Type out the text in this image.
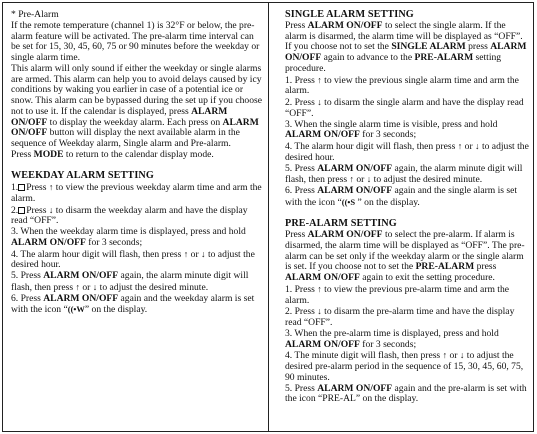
* Pre-Alarm

If the remote temperature (channel 1) is 32°F or below, the pre-alarm feature will be activated. The pre-alarm time interval can be set for 15, 30, 45, 60, 75 or 90 minutes before the weekday or single alarm time.

This alarm will only sound if either the weekday or single alarms are armed. This alarm can help you to avoid delays caused by icy conditions by waking you earlier in case of a potential ice or snow. This alarm can be bypassed during the set up if you choose not to use it. If the calendar is displayed, press ALARM ON/OFF to display the weekday alarm. Each press on ALARM ON/OFF button will display the next available alarm in the sequence of Weekday alarm, Single alarm and Pre-alarm.

Press MODE to return to the calendar display mode.

WEEKDAY ALARM SETTING

1. Press ↑ to view the previous weekday alarm time and arm the alarm.

2. Press ↓ to disarm the weekday alarm and have the display read “OFF”.

3. When the weekday alarm time is displayed, press and hold ALARM ON/OFF for 3 seconds;

4. The alarm hour digit will flash, then press ↑ or ↓ to adjust the desired hour.

5. Press ALARM ON/OFF again, the alarm minute digit will flash, then press ↑ or ↓ to adjust the desired minute.

6. Press ALARM ON/OFF again and the weekday alarm is set with the icon “((•W” on the display.

SINGLE ALARM SETTING

Press ALARM ON/OFF to select the single alarm. If the alarm is disarmed, the alarm time will be displayed as “OFF”. If you choose not to set the SINGLE ALARM press ALARM ON/OFF again to advance to the PRE-ALARM setting procedure.

1. Press ↑ to view the previous single alarm time and arm the alarm.

2. Press ↓ to disarm the single alarm and have the display read “OFF”.

3. When the single alarm time is visible, press and hold ALARM ON/OFF for 3 seconds;

4. The alarm hour digit will flash, then press ↑ or ↓ to adjust the desired hour.

5. Press ALARM ON/OFF again, the alarm minute digit will flash, then press ↑ or ↓ to adjust the desired minute.

6. Press ALARM ON/OFF again and the single alarm is set with the icon “((•S ” on the display.

PRE-ALARM SETTING

Press ALARM ON/OFF to select the pre-alarm. If alarm is disarmed, the alarm time will be displayed as “OFF”. The pre-alarm can be set only if the weekday alarm or the single alarm is set. If you choose not to set the PRE-ALARM press ALARM ON/OFF again to exit the setting procedure.

1. Press ↑ to view the previous pre-alarm time and arm the alarm.

2. Press ↓ to disarm the pre-alarm time and have the display read “OFF”.

3. When the pre-alarm time is displayed, press and hold ALARM ON/OFF for 3 seconds;

4. The minute digit will flash, then press ↑ or ↓ to adjust the desired pre-alarm period in the sequence of 15, 30, 45, 60, 75, 90 minutes.

5. Press ALARM ON/OFF again and the pre-alarm is set with the icon “PRE-AL” on the display.
